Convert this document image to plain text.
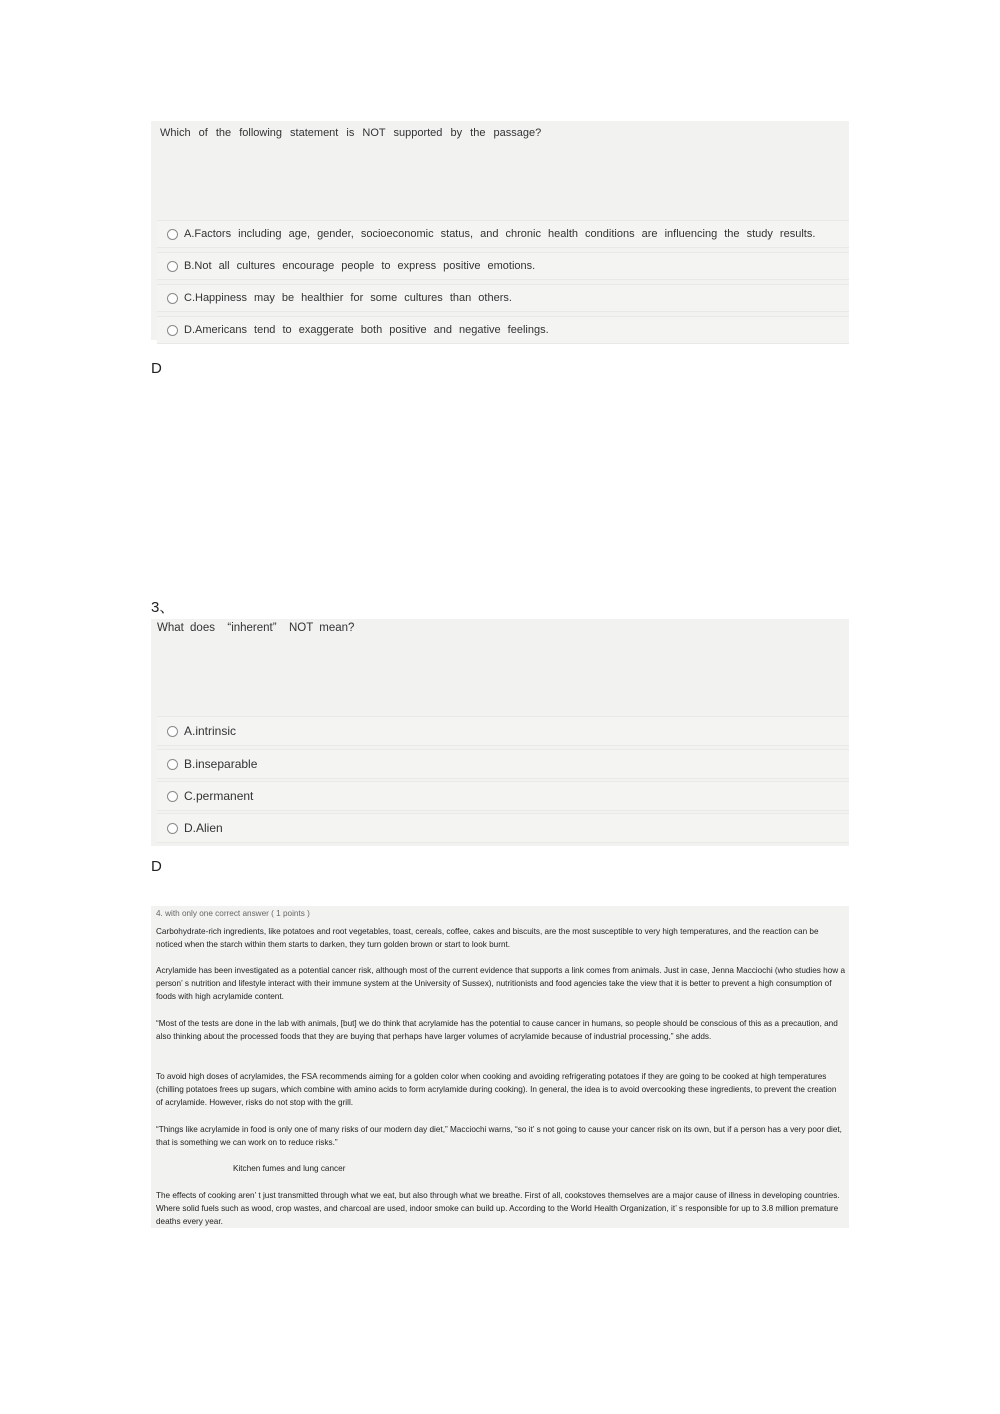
Which of the following statement is NOT supported by the passage?
A.Factors including age, gender, socioeconomic status, and chronic health conditions are influencing the study results.
B.Not all cultures encourage people to express positive emotions.
C.Happiness may be healthier for some cultures than others.
D.Americans tend to exaggerate both positive and negative feelings.
D
3、
What does  “inherent”  NOT mean?
A.intrinsic
B.inseparable
C.permanent
D.Alien
D

4. with only one correct answer ( 1 points )

Carbohydrate-rich ingredients, like potatoes and root vegetables, toast, cereals, coffee, cakes and biscuits, are the most susceptible to very high temperatures, and the reaction can be noticed when the starch within them starts to darken, they turn golden brown or start to look burnt.

Acrylamide has been investigated as a potential cancer risk, although most of the current evidence that supports a link comes from animals. Just in case, Jenna Macciochi (who studies how a person’ s nutrition and lifestyle interact with their immune system at the University of Sussex), nutritionists and food agencies take the view that it is better to prevent a high consumption of foods with high acrylamide content.

“Most of the tests are done in the lab with animals, [but] we do think that acrylamide has the potential to cause cancer in humans, so people should be conscious of this as a precaution, and also thinking about the processed foods that they are buying that perhaps have larger volumes of acrylamide because of industrial processing,” she adds.

To avoid high doses of acrylamides, the FSA recommends aiming for a golden color when cooking and avoiding refrigerating potatoes if they are going to be cooked at high temperatures (chilling potatoes frees up sugars, which combine with amino acids to form acrylamide during cooking). In general, the idea is to avoid overcooking these ingredients, to prevent the creation of acrylamide. However, risks do not stop with the grill.

“Things like acrylamide in food is only one of many risks of our modern day diet,” Macciochi warns, “so it’ s not going to cause your cancer risk on its own, but if a person has a very poor diet, that is something we can work on to reduce risks.”

Kitchen fumes and lung cancer

The effects of cooking aren’ t just transmitted through what we eat, but also through what we breathe. First of all, cookstoves themselves are a major cause of illness in developing countries. Where solid fuels such as wood, crop wastes, and charcoal are used, indoor smoke can build up. According to the World Health Organization, it’ s responsible for up to 3.8 million premature deaths every year.
